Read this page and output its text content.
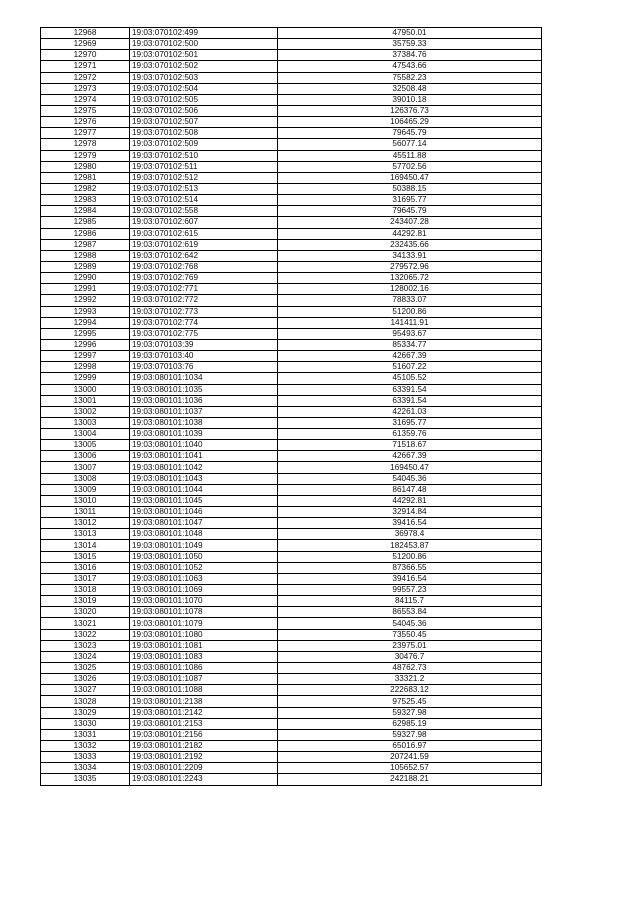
12968	19:03:070102:499	47950.01
12969	19:03:070102:500	35759.33
12970	19:03:070102:501	37384.76
12971	19:03:070102:502	47543.66
12972	19:03:070102:503	75582.23
12973	19:03:070102:504	32508.48
12974	19:03:070102:505	39010.18
12975	19:03:070102:506	126376.73
12976	19:03:070102:507	106465.29
12977	19:03:070102:508	79645.79
12978	19:03:070102:509	56077.14
12979	19:03:070102:510	45511.88
12980	19:03:070102:511	57702.56
12981	19:03:070102:512	169450.47
12982	19:03:070102:513	50388.15
12983	19:03:070102:514	31695.77
12984	19:03:070102:558	79645.79
12985	19:03:070102:607	243407.28
12986	19:03:070102:615	44292.81
12987	19:03:070102:619	232435.66
12988	19:03:070102:642	34133.91
12989	19:03:070102:768	279572.96
12990	19:03:070102:769	132065.72
12991	19:03:070102:771	128002.16
12992	19:03:070102:772	78833.07
12993	19:03:070102:773	51200.86
12994	19:03:070102:774	141411.91
12995	19:03:070102:775	95493.67
12996	19:03:070103:39	85334.77
12997	19:03:070103:40	42667.39
12998	19:03:070103:76	51607.22
12999	19:03:080101:1034	45105.52
13000	19:03:080101:1035	63391.54
13001	19:03:080101:1036	63391.54
13002	19:03:080101:1037	42261.03
13003	19:03:080101:1038	31695.77
13004	19:03:080101:1039	61359.76
13005	19:03:080101:1040	71518.67
13006	19:03:080101:1041	42667.39
13007	19:03:080101:1042	169450.47
13008	19:03:080101:1043	54045.36
13009	19:03:080101:1044	86147.48
13010	19:03:080101:1045	44292.81
13011	19:03:080101:1046	32914.84
13012	19:03:080101:1047	39416.54
13013	19:03:080101:1048	36978.4
13014	19:03:080101:1049	182453.87
13015	19:03:080101:1050	51200.86
13016	19:03:080101:1052	87366.55
13017	19:03:080101:1063	39416.54
13018	19:03:080101:1069	99557.23
13019	19:03:080101:1070	84115.7
13020	19:03:080101:1078	86553.84
13021	19:03:080101:1079	54045.36
13022	19:03:080101:1080	73550.45
13023	19:03:080101:1081	23975.01
13024	19:03:080101:1083	30476.7
13025	19:03:080101:1086	48762.73
13026	19:03:080101:1087	33321.2
13027	19:03:080101:1088	222683.12
13028	19:03:080101:2138	97525.45
13029	19:03:080101:2142	59327.98
13030	19:03:080101:2153	62985.19
13031	19:03:080101:2156	59327.98
13032	19:03:080101:2182	65016.97
13033	19:03:080101:2192	207241.59
13034	19:03:080101:2209	105652.57
13035	19:03:080101:2243	242188.21
